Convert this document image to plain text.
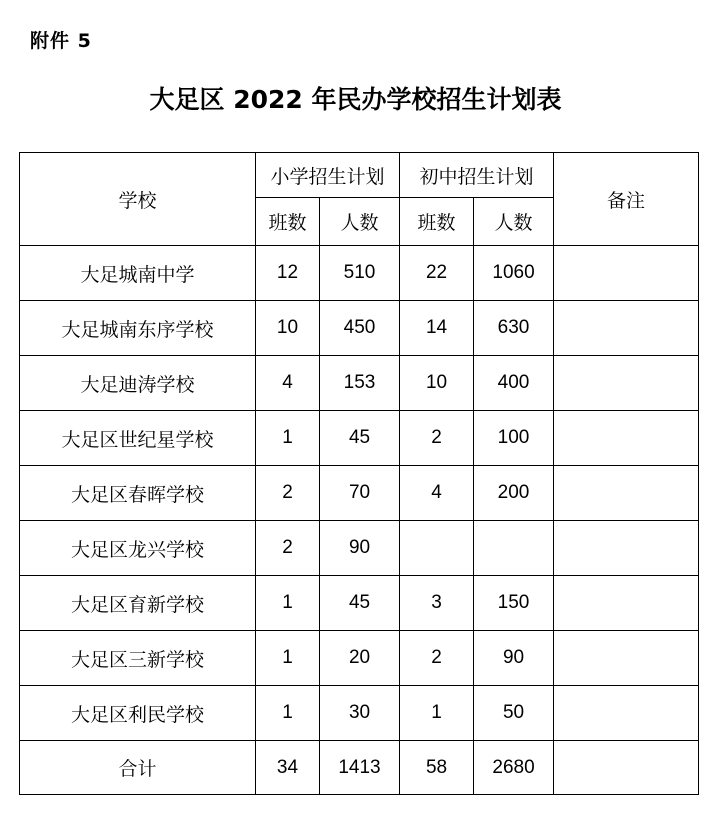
附件 5
大足区 2022 年民办学校招生计划表
学校	小学招生计划		初中招生计划		备注
	班数	人数	班数	人数	
大足城南中学	12	510	22	1060	
大足城南东序学校	10	450	14	630	
大足迪涛学校	4	153	10	400	
大足区世纪星学校	1	45	2	100	
大足区春晖学校	2	70	4	200	
大足区龙兴学校	2	90			
大足区育新学校	1	45	3	150	
大足区三新学校	1	20	2	90	
大足区利民学校	1	30	1	50	
合计	34	1413	58	2680	
